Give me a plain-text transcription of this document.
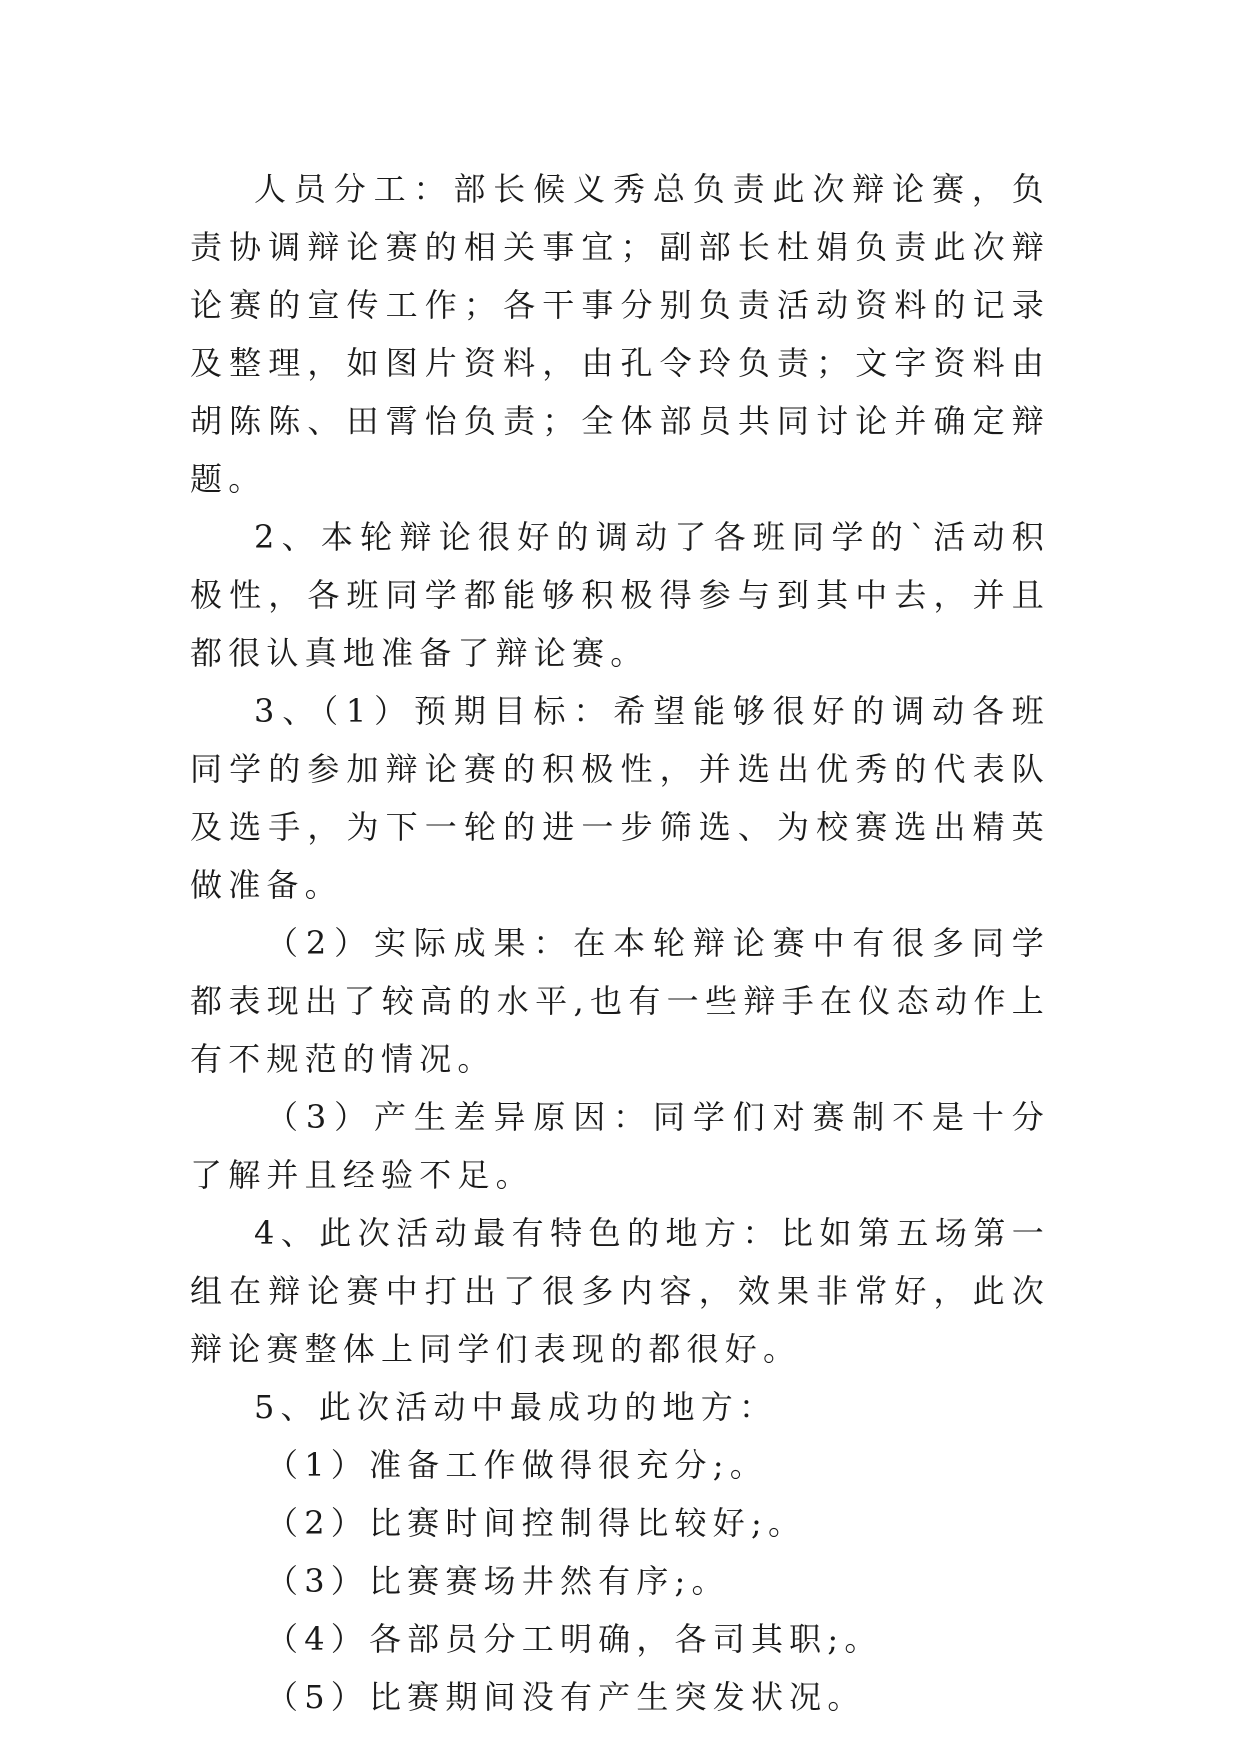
人员分工：部长候义秀总负责此次辩论赛，负责协调辩论赛的相关事宜；副部长杜娟负责此次辩论赛的宣传工作；各干事分别负责活动资料的记录及整理，如图片资料，由孔令玲负责；文字资料由胡陈陈、田霄怡负责；全体部员共同讨论并确定辩题。

2、本轮辩论很好的调动了各班同学的`活动积极性，各班同学都能够积极得参与到其中去，并且都很认真地准备了辩论赛。

3、（1）预期目标：希望能够很好的调动各班同学的参加辩论赛的积极性，并选出优秀的代表队及选手，为下一轮的进一步筛选、为校赛选出精英做准备。

（2）实际成果：在本轮辩论赛中有很多同学都表现出了较高的水平,也有一些辩手在仪态动作上有不规范的情况。

（3）产生差异原因：同学们对赛制不是十分了解并且经验不足。

4、此次活动最有特色的地方：比如第五场第一组在辩论赛中打出了很多内容，效果非常好，此次辩论赛整体上同学们表现的都很好。

5、此次活动中最成功的地方：

（1）准备工作做得很充分;。

（2）比赛时间控制得比较好;。

（3）比赛赛场井然有序;。

（4）各部员分工明确，各司其职;。

（5）比赛期间没有产生突发状况。
